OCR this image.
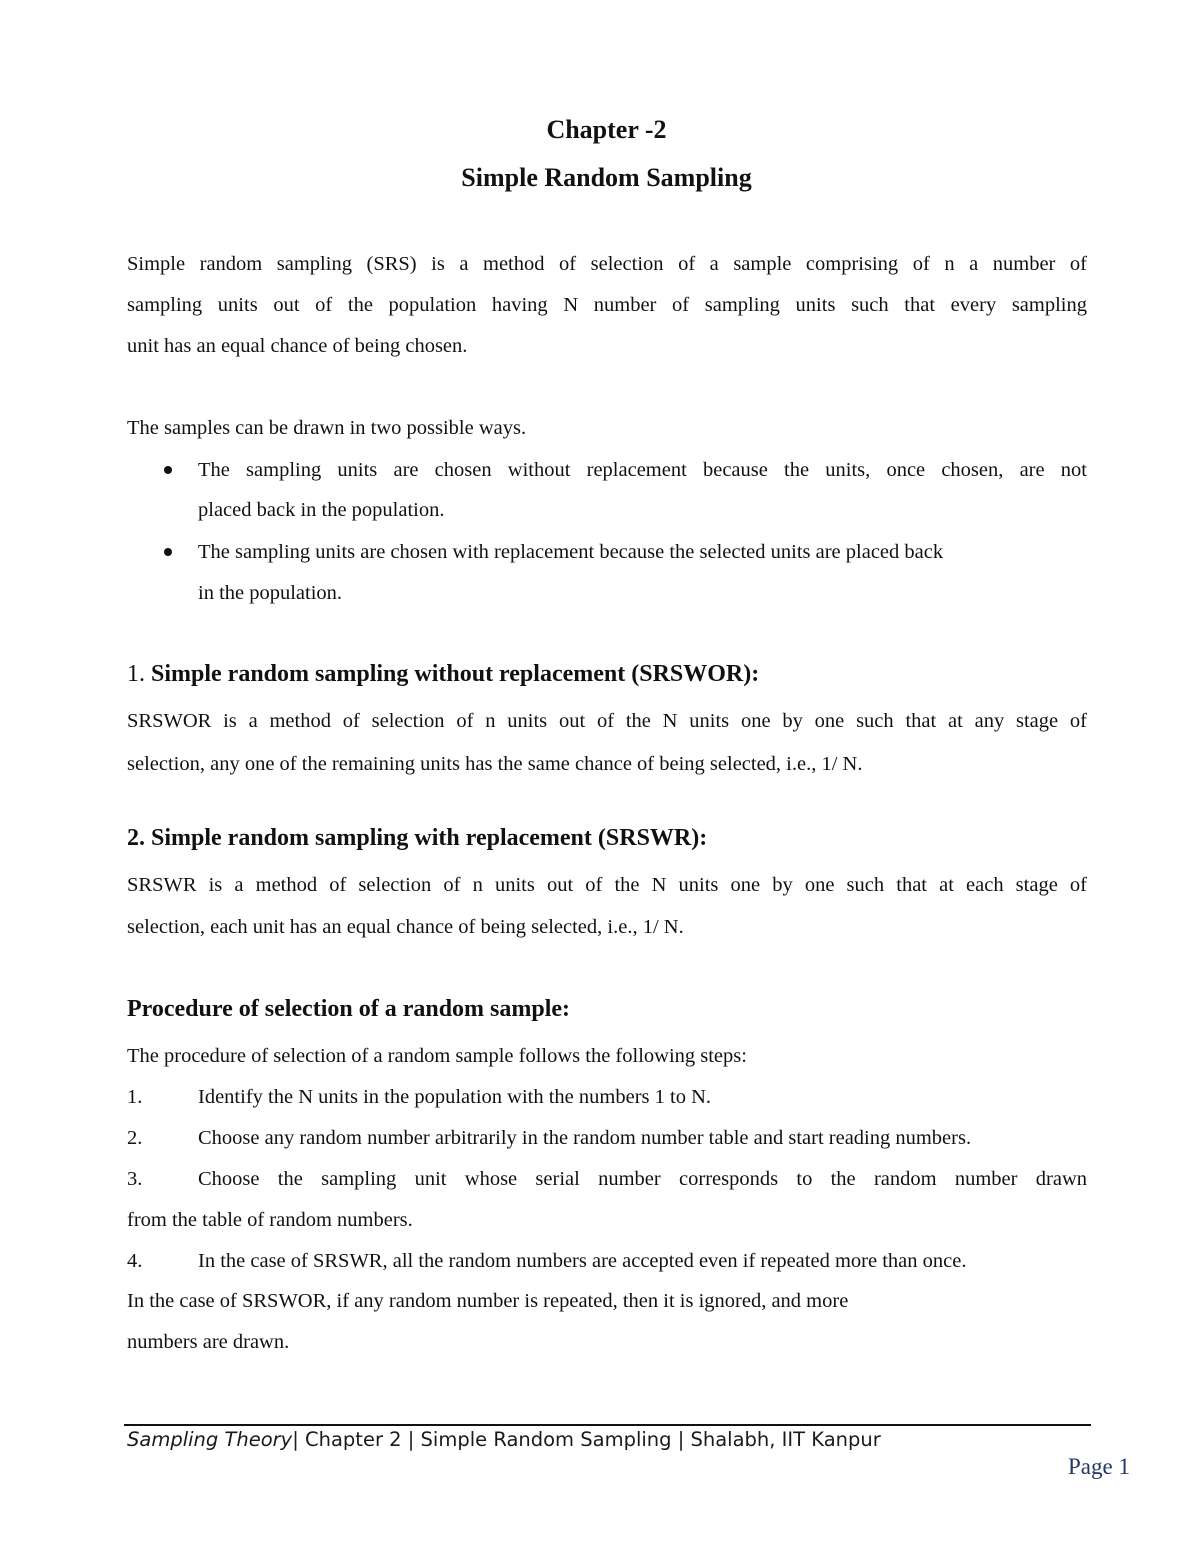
Chapter -2
Simple Random Sampling
Simple random sampling (SRS) is a method of selection of a sample comprising of n a number of
sampling units out of the population having N number of sampling units such that every sampling
unit has an equal chance of being chosen.
The samples can be drawn in two possible ways.
The sampling units are chosen without replacement because the units, once chosen, are not
placed back in the population.
The sampling units are chosen with replacement because the selected units are placed back
in the population.
1. Simple random sampling without replacement (SRSWOR):
SRSWOR is a method of selection of n units out of the N units one by one such that at any stage of
selection, any one of the remaining units has the same chance of being selected, i.e., 1/ N.
2. Simple random sampling with replacement (SRSWR):
SRSWR is a method of selection of n units out of the N units one by one such that at each stage of
selection, each unit has an equal chance of being selected, i.e., 1/ N.
Procedure of selection of a random sample:
The procedure of selection of a random sample follows the following steps:
1.	Identify the N units in the population with the numbers 1 to N.
2.	Choose any random number arbitrarily in the random number table and start reading numbers.
3.	Choose the sampling unit whose serial number corresponds to the random number drawn
from the table of random numbers.
4.	In the case of SRSWR, all the random numbers are accepted even if repeated more than once.
In the case of SRSWOR, if any random number is repeated, then it is ignored, and more
numbers are drawn.
Sampling Theory| Chapter 2 | Simple Random Sampling | Shalabh, IIT Kanpur
Page 1
